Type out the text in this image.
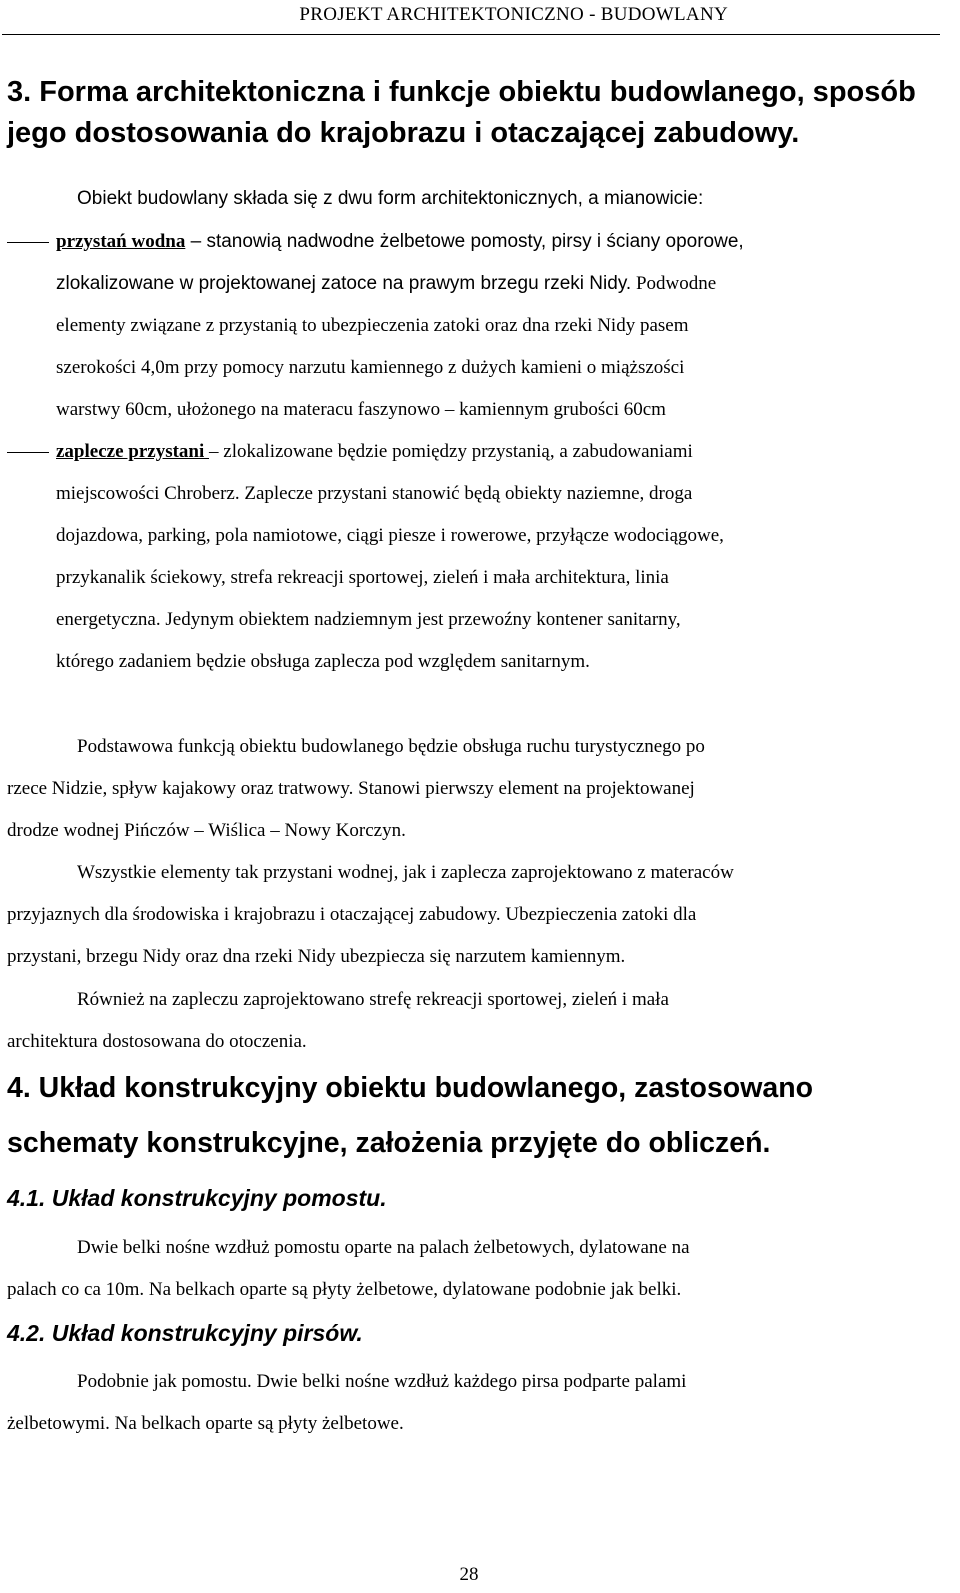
PROJEKT ARCHITEKTONICZNO - BUDOWLANY
3. Forma architektoniczna i funkcje obiektu budowlanego, sposób jego dostosowania do krajobrazu i otaczającej zabudowy.
Obiekt budowlany składa się z dwu form architektonicznych, a mianowicie:
przystań wodna – stanowią nadwodne żelbetowe pomosty, pirsy i ściany oporowe,
zlokalizowane w projektowanej zatoce na prawym brzegu rzeki Nidy. Podwodne
elementy związane z przystanią to ubezpieczenia zatoki oraz dna rzeki Nidy pasem
szerokości 4,0m przy pomocy narzutu kamiennego z dużych kamieni o miąższości
warstwy 60cm, ułożonego na materacu faszynowo – kamiennym grubości 60cm
zaplecze przystani – zlokalizowane będzie pomiędzy przystanią, a zabudowaniami
miejscowości Chroberz. Zaplecze przystani stanowić będą obiekty naziemne, droga
dojazdowa, parking, pola namiotowe, ciągi piesze i rowerowe, przyłącze wodociągowe,
przykanalik ściekowy, strefa rekreacji sportowej, zieleń i mała architektura, linia
energetyczna. Jedynym obiektem nadziemnym jest przewoźny kontener sanitarny,
którego zadaniem będzie obsługa zaplecza pod względem sanitarnym.
Podstawowa funkcją obiektu budowlanego będzie obsługa ruchu turystycznego po
rzece Nidzie, spływ kajakowy oraz tratwowy. Stanowi pierwszy element na projektowanej
drodze wodnej Pińczów – Wiślica – Nowy Korczyn.
Wszystkie elementy tak przystani wodnej, jak i zaplecza zaprojektowano z materaców
przyjaznych dla środowiska i krajobrazu i otaczającej zabudowy. Ubezpieczenia zatoki dla
przystani, brzegu Nidy oraz dna rzeki Nidy ubezpiecza się narzutem kamiennym.
Również na zapleczu zaprojektowano strefę rekreacji sportowej, zieleń i mała
architektura dostosowana do otoczenia.
4. Układ konstrukcyjny obiektu budowlanego, zastosowano
schematy konstrukcyjne, założenia przyjęte do obliczeń.
4.1. Układ konstrukcyjny pomostu.
Dwie belki nośne wzdłuż pomostu oparte na palach żelbetowych, dylatowane na
palach co ca 10m. Na belkach oparte są płyty żelbetowe, dylatowane podobnie jak belki.
4.2. Układ konstrukcyjny pirsów.
Podobnie jak pomostu. Dwie belki nośne wzdłuż każdego pirsa podparte palami
żelbetowymi. Na belkach oparte są płyty żelbetowe.
28
